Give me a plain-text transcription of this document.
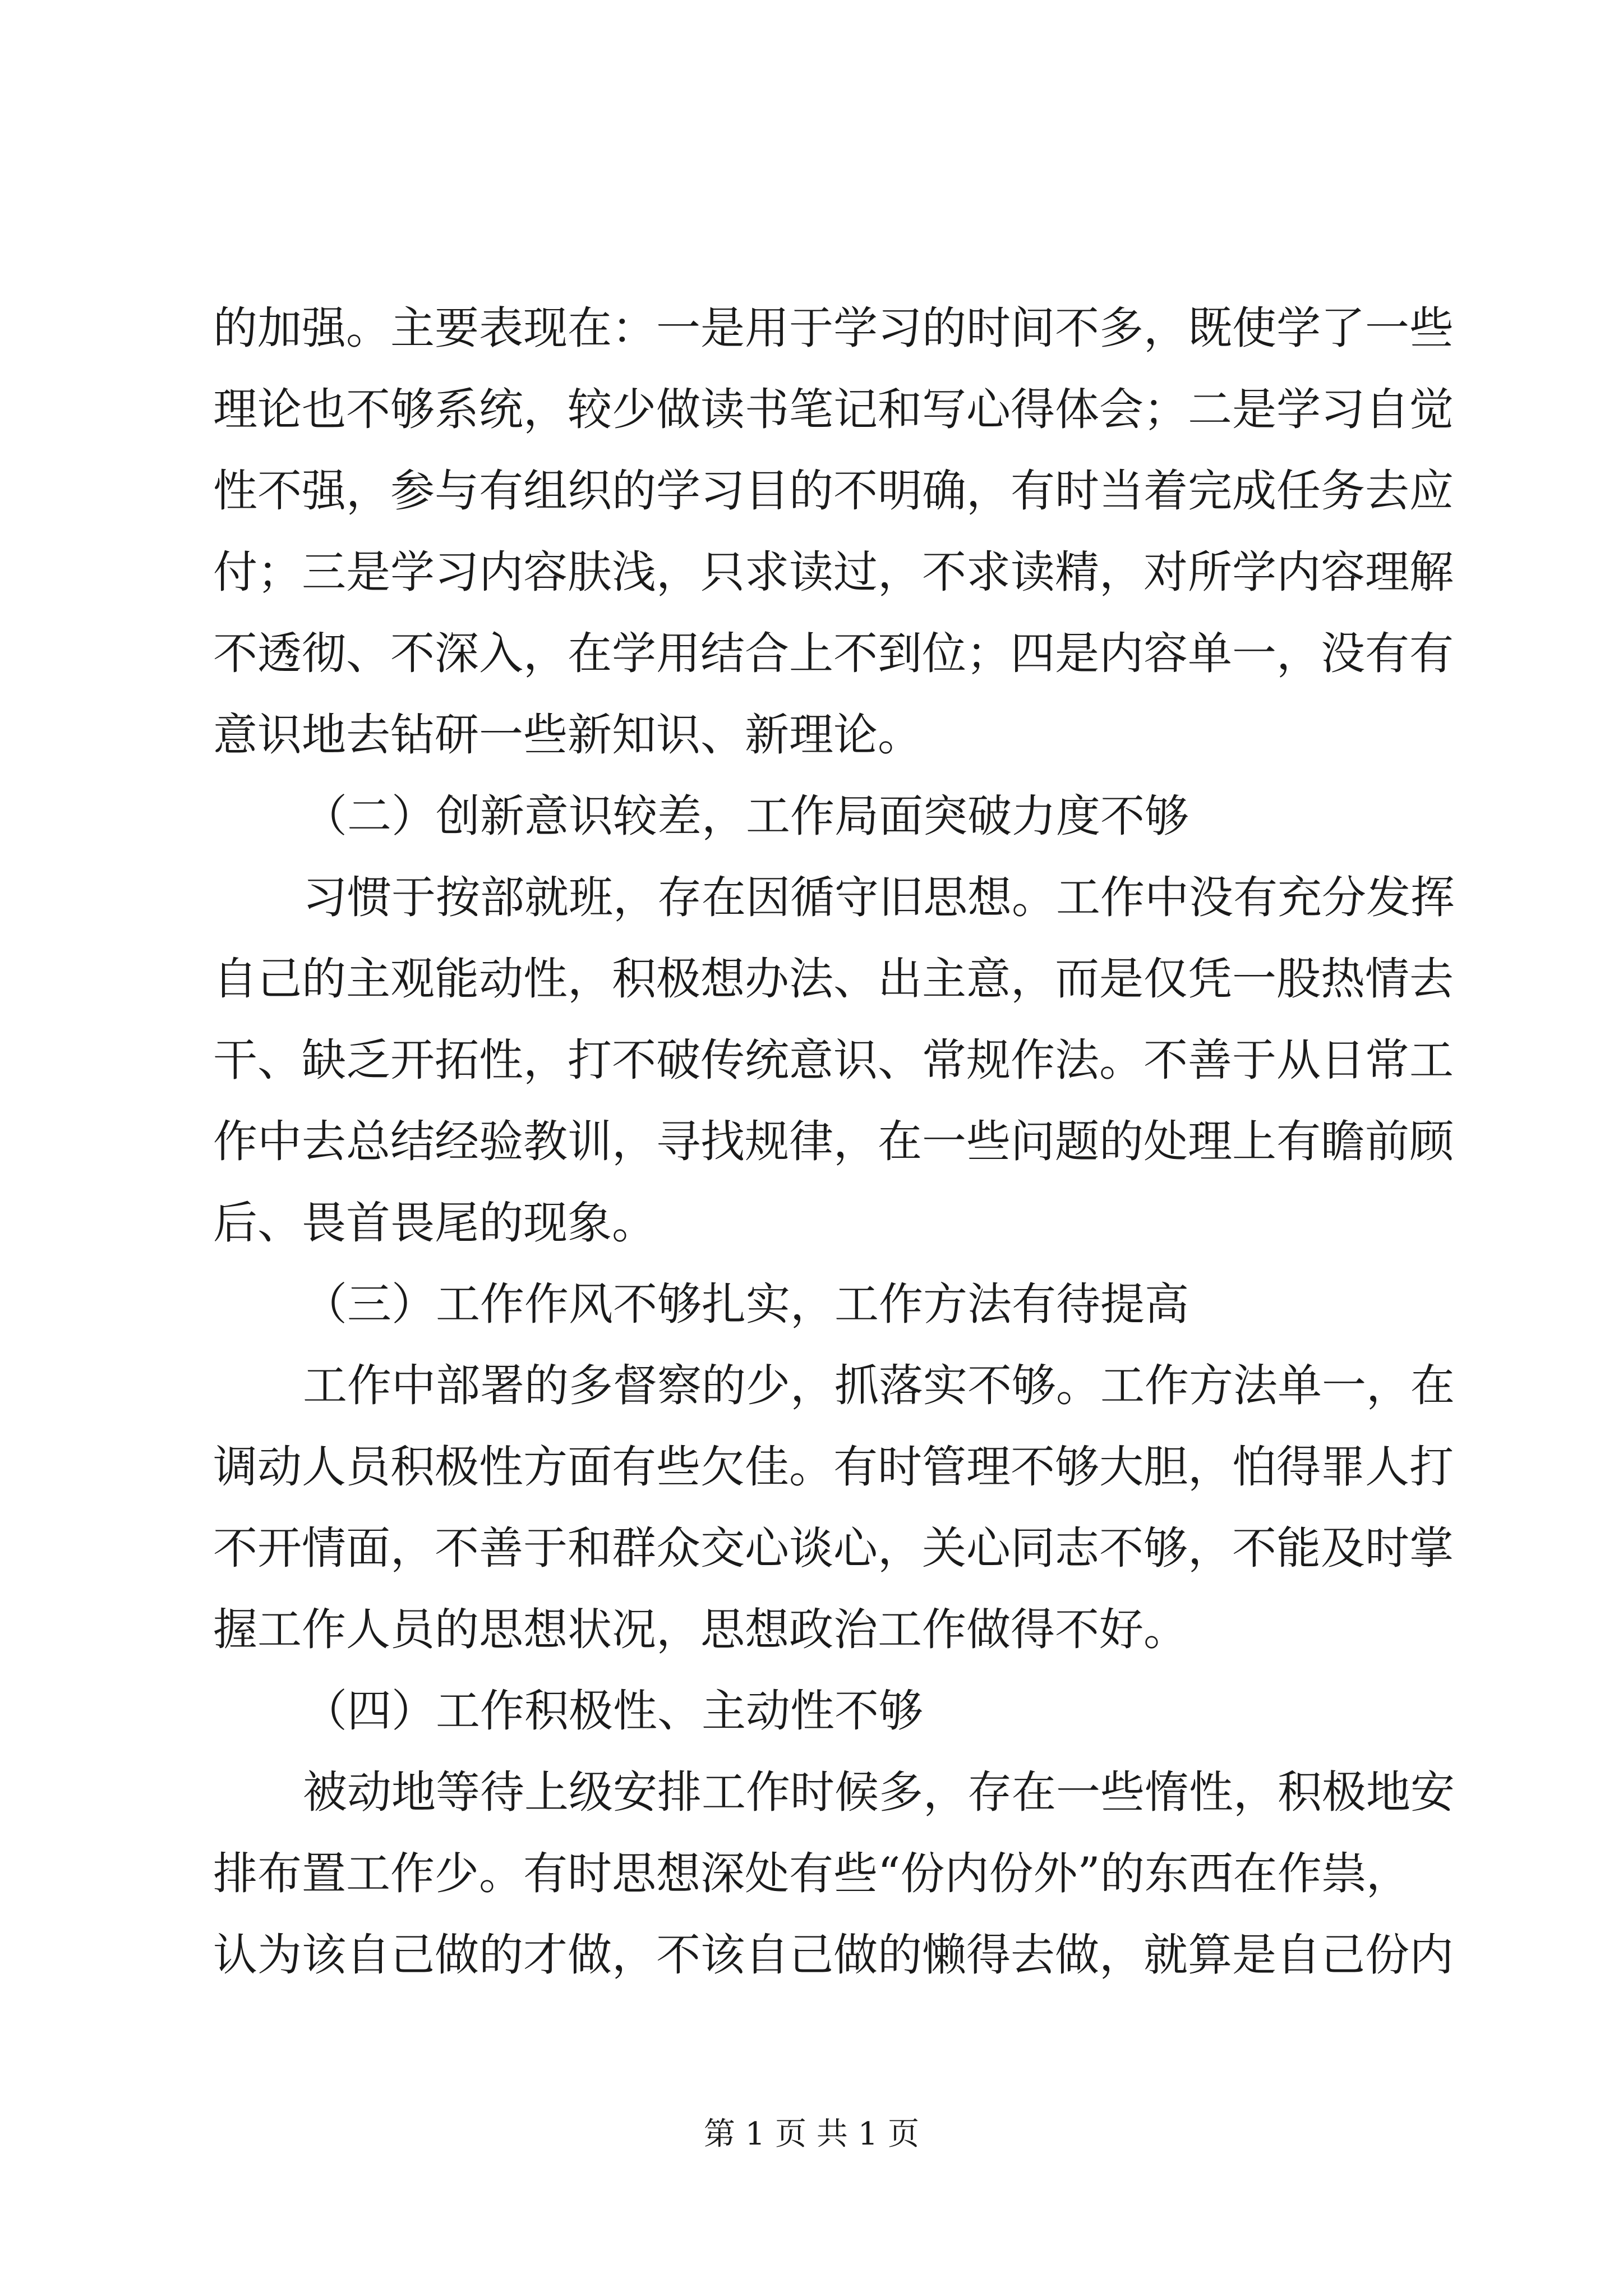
的加强。主要表现在：一是用于学习的时间不多，既使学了一些
理论也不够系统，较少做读书笔记和写心得体会；二是学习自觉
性不强，参与有组织的学习目的不明确，有时当着完成任务去应
付；三是学习内容肤浅，只求读过，不求读精，对所学内容理解
不透彻、不深入，在学用结合上不到位；四是内容单一，没有有
意识地去钻研一些新知识、新理论。
（二）创新意识较差，工作局面突破力度不够
习惯于按部就班，存在因循守旧思想。工作中没有充分发挥
自己的主观能动性，积极想办法、出主意，而是仅凭一股热情去
干、缺乏开拓性，打不破传统意识、常规作法。不善于从日常工
作中去总结经验教训，寻找规律，在一些问题的处理上有瞻前顾
后、畏首畏尾的现象。
（三）工作作风不够扎实，工作方法有待提高
工作中部署的多督察的少，抓落实不够。工作方法单一，在
调动人员积极性方面有些欠佳。有时管理不够大胆，怕得罪人打
不开情面，不善于和群众交心谈心，关心同志不够，不能及时掌
握工作人员的思想状况，思想政治工作做得不好。
（四）工作积极性、主动性不够
被动地等待上级安排工作时候多，存在一些惰性，积极地安
排布置工作少。有时思想深处有些“份内份外”的东西在作祟，
认为该自己做的才做，不该自己做的懒得去做，就算是自己份内
第 1 页 共 1 页
